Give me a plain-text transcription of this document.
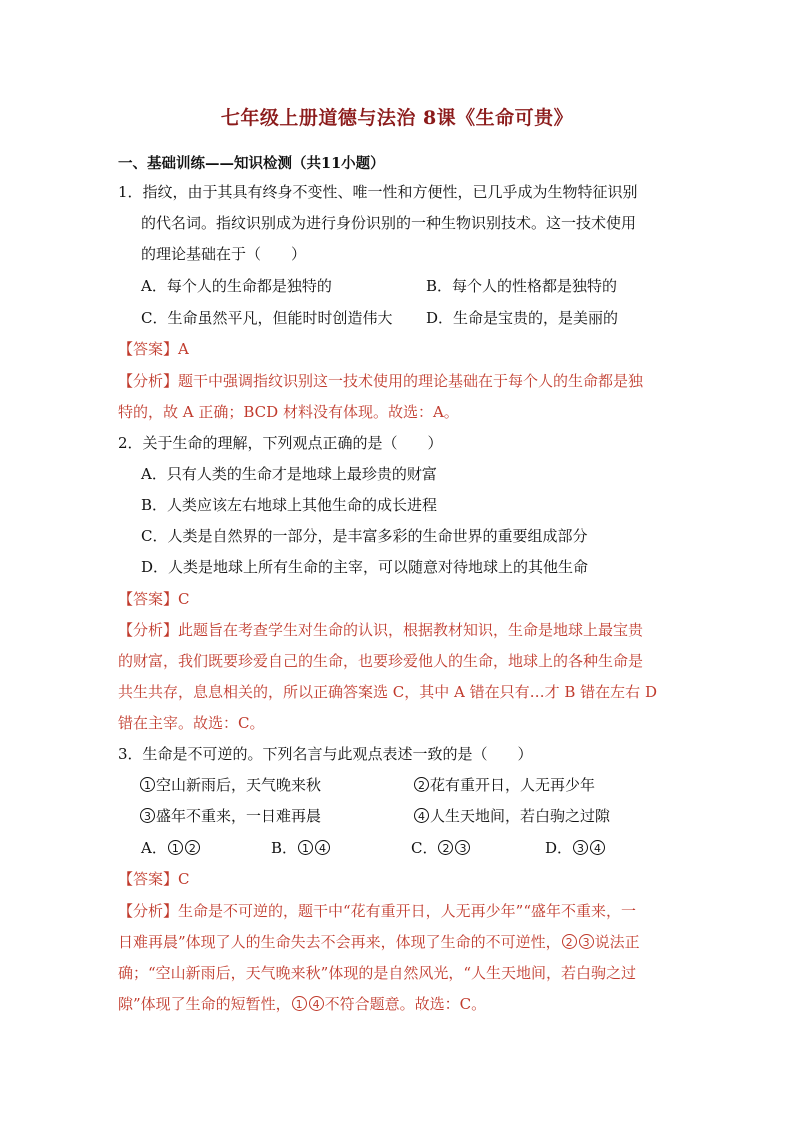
七年级上册道德与法治 8课《生命可贵》
一、基础训练——知识检测（共11小题）
1．指纹，由于其具有终身不变性、唯一性和方便性，已几乎成为生物特征识别
的代名词。指纹识别成为进行身份识别的一种生物识别技术。这一技术使用
的理论基础在于（　　）
A．每个人的生命都是独特的	B．每个人的性格都是独特的
C．生命虽然平凡，但能时时创造伟大 D．生命是宝贵的，是美丽的
【答案】A
【分析】题干中强调指纹识别这一技术使用的理论基础在于每个人的生命都是独
特的，故 A 正确；BCD 材料没有体现。故选：A。
2．关于生命的理解，下列观点正确的是（　　）
A．只有人类的生命才是地球上最珍贵的财富
B．人类应该左右地球上其他生命的成长进程
C．人类是自然界的一部分，是丰富多彩的生命世界的重要组成部分
D．人类是地球上所有生命的主宰，可以随意对待地球上的其他生命
【答案】C
【分析】此题旨在考查学生对生命的认识，根据教材知识，生命是地球上最宝贵
的财富，我们既要珍爱自己的生命，也要珍爱他人的生命，地球上的各种生命是
共生共存，息息相关的，所以正确答案选 C，其中 A 错在只有…才 B 错在左右 D
错在主宰。故选：C。
3．生命是不可逆的。下列名言与此观点表述一致的是（　　）
1 空山新雨后，天气晚来秋	2 花有重开日，人无再少年
3 盛年不重来，一日难再晨	4 人生天地间，若白驹之过隙
A． 1 2	B． 1 4	C． 2 3	D． 3 4
【答案】C
【分析】生命是不可逆的，题干中“花有重开日，人无再少年”“盛年不重来，一
日难再晨”体现了人的生命失去不会再来，体现了生命的不可逆性， 2 3 说法正
确；“空山新雨后，天气晚来秋”体现的是自然风光，“人生天地间，若白驹之过
隙”体现了生命的短暂性， 1 4 不符合题意。故选：C。
